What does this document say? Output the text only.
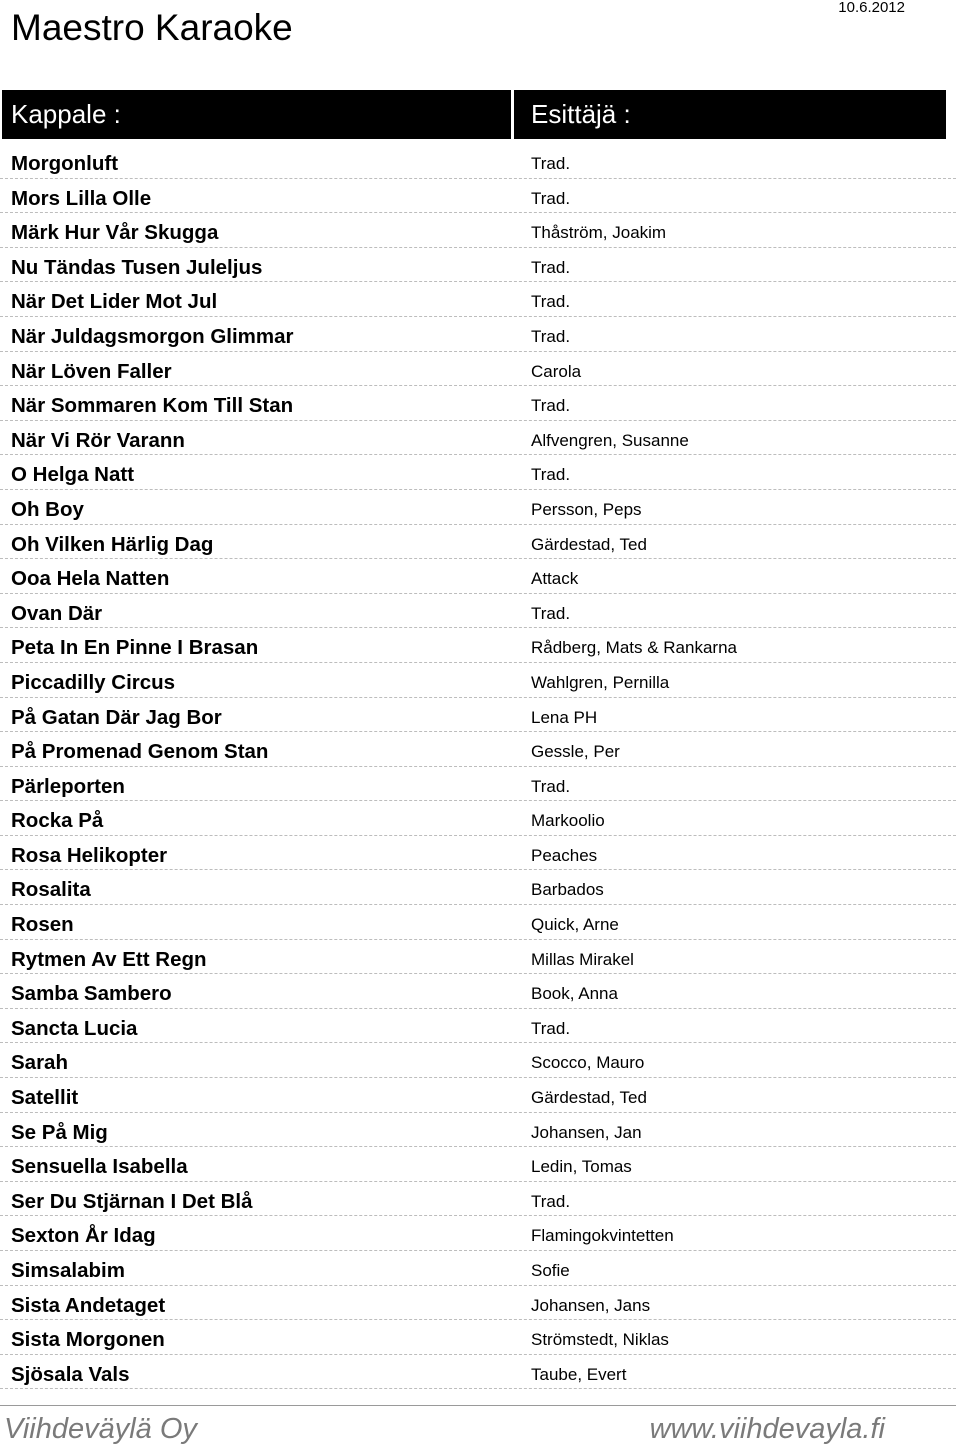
Maestro Karaoke	10.6.2012
Kappale :	Esittäjä :
Morgonluft	Trad.
Mors Lilla Olle	Trad.
Märk Hur Vår Skugga	Thåström, Joakim
Nu Tändas Tusen Juleljus	Trad.
När Det Lider Mot Jul	Trad.
När Juldagsmorgon Glimmar	Trad.
När Löven Faller	Carola
När Sommaren Kom Till Stan	Trad.
När Vi Rör Varann	Alfvengren, Susanne
O Helga Natt	Trad.
Oh Boy	Persson, Peps
Oh Vilken Härlig Dag	Gärdestad, Ted
Ooa Hela Natten	Attack
Ovan Där	Trad.
Peta In En Pinne I Brasan	Rådberg, Mats & Rankarna
Piccadilly Circus	Wahlgren, Pernilla
På Gatan Där Jag Bor	Lena PH
På Promenad Genom Stan	Gessle, Per
Pärleporten	Trad.
Rocka På	Markoolio
Rosa Helikopter	Peaches
Rosalita	Barbados
Rosen	Quick, Arne
Rytmen Av Ett Regn	Millas Mirakel
Samba Sambero	Book, Anna
Sancta Lucia	Trad.
Sarah	Scocco, Mauro
Satellit	Gärdestad, Ted
Se På Mig	Johansen, Jan
Sensuella Isabella	Ledin, Tomas
Ser Du Stjärnan I Det Blå	Trad.
Sexton År Idag	Flamingokvintetten
Simsalabim	Sofie
Sista Andetaget	Johansen, Jans
Sista Morgonen	Strömstedt, Niklas
Sjösala Vals	Taube, Evert
Viihdeväylä Oy	www.viihdevayla.fi
